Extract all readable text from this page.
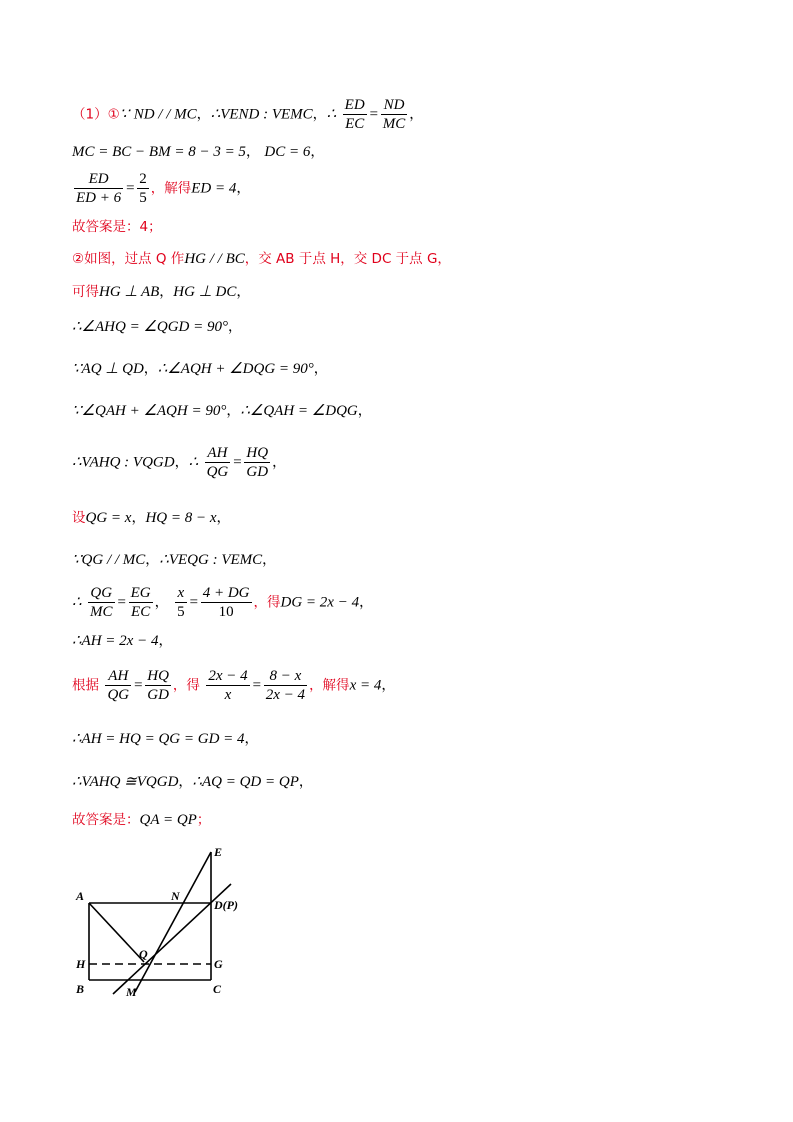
（1）①∵ ND / / MC，∴VEND : VEMC，∴ $\frac{ED}{EC} = \frac{ND}{MC}$ ，
MC = BC − BM = 8 − 3 = 5， DC = 6，
$\frac{ED}{ED + 6} = \frac{2}{5}$ ，解得ED = 4，
故答案是：4；
②如图，过点 Q 作HG / / BC，交 AB 于点 H，交 DC 于点 G，
可得HG ⊥ AB，HG ⊥ DC，
∴∠AHQ = ∠QGD = 90°，
∵AQ ⊥ QD，∴∠AQH + ∠DQG = 90°，
∵∠QAH + ∠AQH = 90°，∴∠QAH = ∠DQG，
∴VAHQ : VQGD，∴ $\frac{AH}{QG} = \frac{HQ}{GD}$ ，
设QG = x，HQ = 8 − x，
∵QG / / MC，∴VEQG : VEMC，
∴ $\frac{QG}{MC} = \frac{EG}{EC}$ ， $\frac{x}{5} = \frac{4 + DG}{10}$ ，得DG = 2x − 4，
∴AH = 2x − 4，
根据 $\frac{AH}{QG} = \frac{HQ}{GD}$ ，得 $\frac{2x - 4}{x} = \frac{8 - x}{2x - 4}$ ，解得x = 4，
∴AH = HQ = QG = GD = 4，
∴VAHQ ≅VQGD，∴AQ = QD = QP，
故答案是：QA = QP；
A
B	C
D(P)
E
G
H
M
N
Q
